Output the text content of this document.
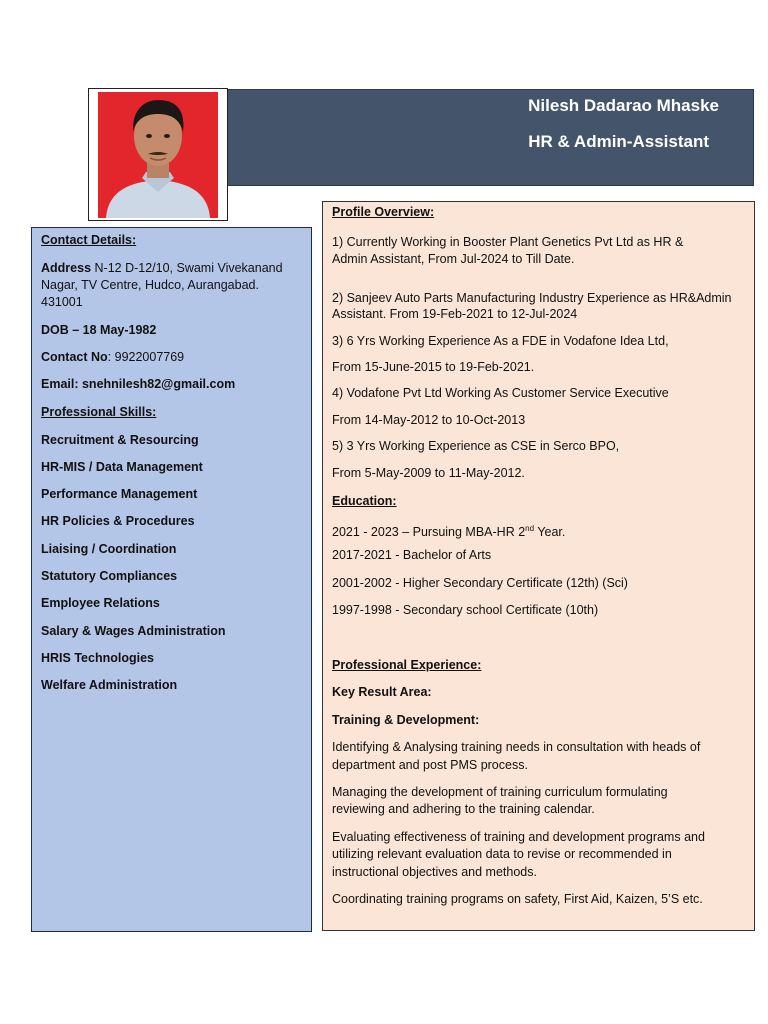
Nilesh Dadarao Mhaske
HR & Admin-Assistant
Contact Details:
Address N-12 D-12/10, Swami Vivekanand
Nagar, TV Centre, Hudco, Aurangabad.
431001
DOB – 18 May-1982
Contact No: 9922007769
Email: snehnilesh82@gmail.com
Professional Skills:
Recruitment & Resourcing
HR-MIS / Data Management
Performance Management
HR Policies & Procedures
Liaising / Coordination
Statutory Compliances
Employee Relations
Salary & Wages Administration
HRIS Technologies
Welfare Administration
Profile Overview:
1) Currently Working in Booster Plant Genetics Pvt Ltd as HR &
Admin Assistant, From Jul-2024 to Till Date.
2) Sanjeev Auto Parts Manufacturing Industry Experience as HR&Admin
Assistant. From 19-Feb-2021 to 12-Jul-2024
3) 6 Yrs Working Experience As a FDE in Vodafone Idea Ltd,
From 15-June-2015 to 19-Feb-2021.
4) Vodafone Pvt Ltd Working As Customer Service Executive
From 14-May-2012 to 10-Oct-2013
5) 3 Yrs Working Experience as CSE in Serco BPO,
From 5-May-2009 to 11-May-2012.
Education:
2021 - 2023 – Pursuing MBA-HR 2nd Year.
2017-2021 - Bachelor of Arts
2001-2002 - Higher Secondary Certificate (12th) (Sci)
1997-1998 - Secondary school Certificate (10th)
Professional Experience:
Key Result Area:
Training & Development:
Identifying & Analysing training needs in consultation with heads of
department and post PMS process.
Managing the development of training curriculum formulating
reviewing and adhering to the training calendar.
Evaluating effectiveness of training and development programs and
utilizing relevant evaluation data to revise or recommended in
instructional objectives and methods.
Coordinating training programs on safety, First Aid, Kaizen, 5’S etc.
